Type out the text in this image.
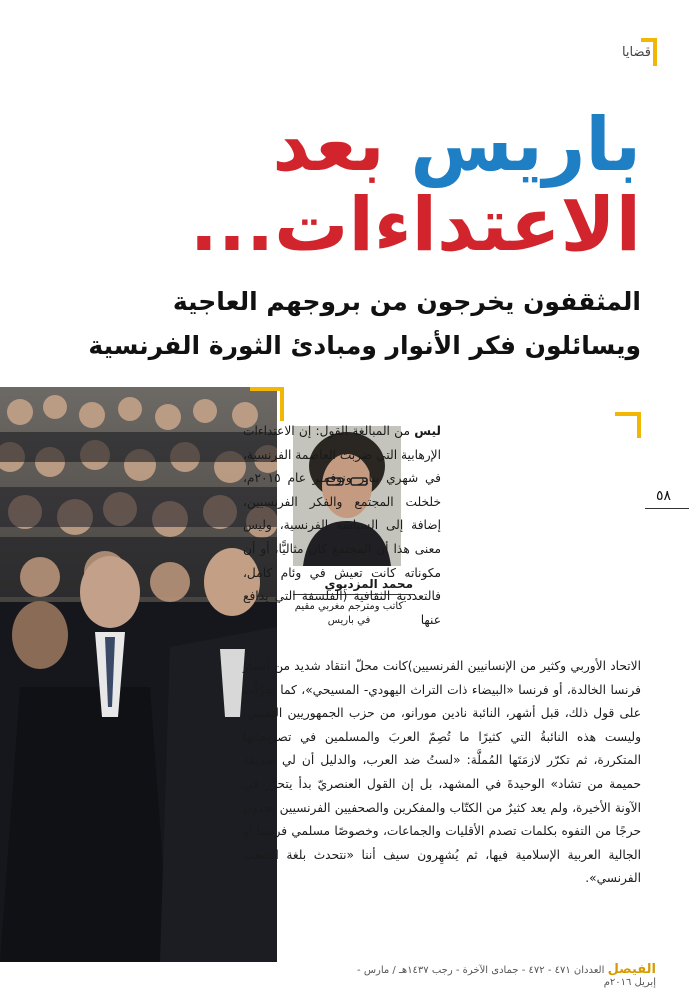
قضايا
باريس بعد
الاعتداءات...
المثقفون يخرجون من بروجهم العاجية
ويسائلون فكر الأنوار ومبادئ الثورة الفرنسية
محمد المزديوي
كاتب ومترجم مغربي مقيم في باريس
ليس من المبالغة القول: إن الاعتداءات الإرهابية التي ضربت العاصمة الفرنسية، في شهري يناير ونوفمبر عام ٢٠١٥م، خلخلت المجتمع والفكر الفرنسيين، إضافة إلى السياسة الفرنسية، وليس معنى هذا أن المجتمع كان مثاليًّا، أو أن مكوناته كانت تعيش في وئام كامل، فالتعددية الثقافية (الفلسفة التي يدافع عنها
الاتحاد الأوربي وكثير من الإنسانيين الفرنسيين)كانت محلّ انتقاد شديد من أنصار فرنسا الخالدة، أو فرنسا «البيضاء ذات التراث اليهودي- المسيحي»، كما تجرَّأت على قول ذلك، قبل أشهر، النائبة نادين مورانو، من حزب الجمهوريين اليميني، وليست هذه النائبةُ التي كثيرًا ما تُصِمّ العربَ والمسلمين في تصريحاتها المتكررة، ثم تكرّر لازمَتَها المُملَّة: «لستُ ضد العرب، والدليل أن لي صديقة حميمة من تشاد» الوحيدةَ في المشهد، بل إن القول العنصريّ بدأ يتحرَّر في الآونة الأخيرة، ولم يعد كثيرٌ من الكتّاب والمفكرين والصحفيين الفرنسيين يجدون حرجًا من التفوه بكلمات تصدم الأقليات والجماعات، وخصوصًا مسلمي فرنسا أو الجالية العربية الإسلامية فيها، ثم يُشهِرون سيف أننا «نتحدث بلغة الشعب الفرنسي».
٥٨
الفيصل العددان ٤٧١ - ٤٧٢ - جمادى الآخرة - رجب ١٤٣٧هـ / مارس - إبريل ٢٠١٦م
